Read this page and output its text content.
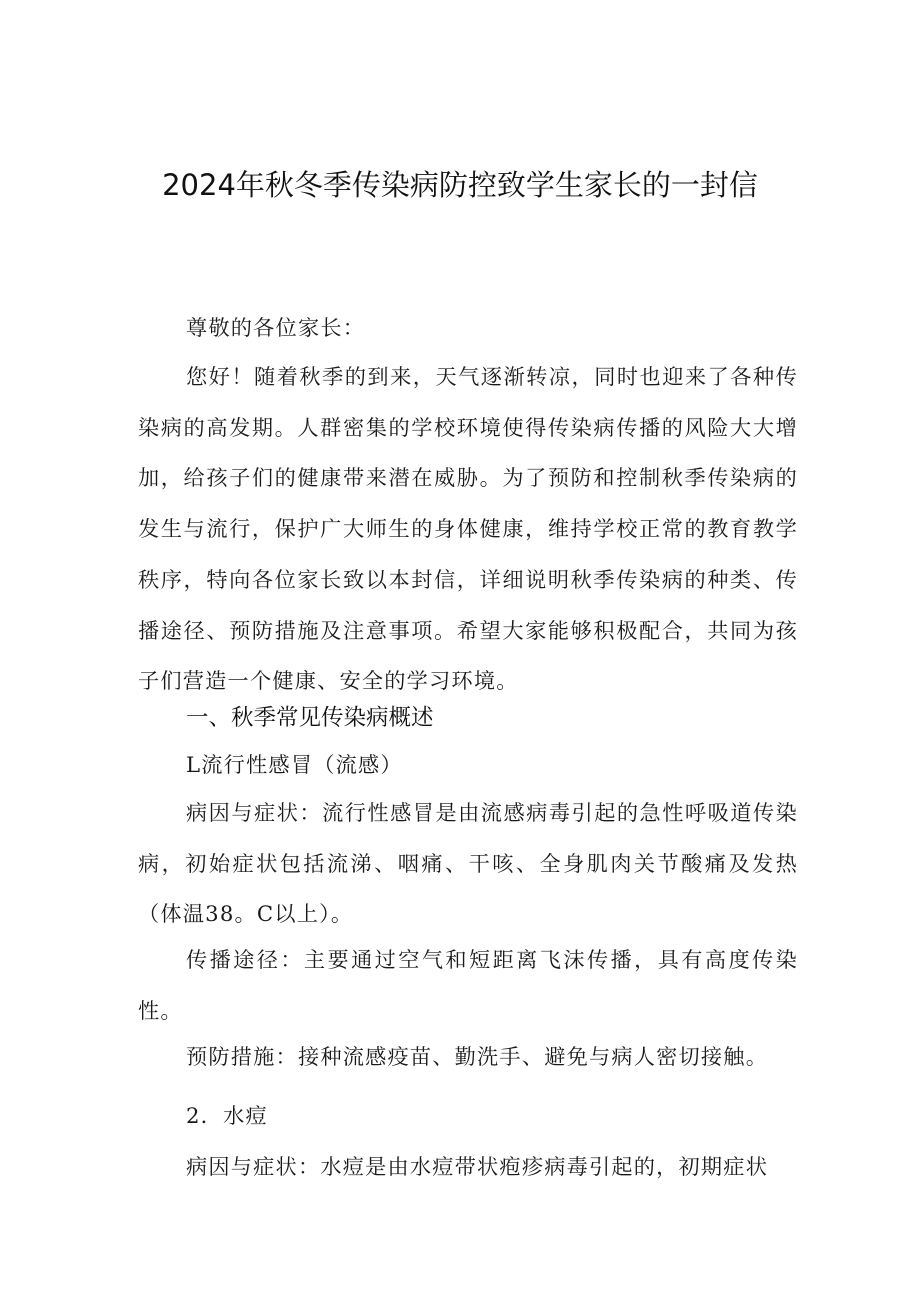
2024年秋冬季传染病防控致学生家长的一封信

尊敬的各位家长：

您好！随着秋季的到来，天气逐渐转凉，同时也迎来了各种传染病的高发期。人群密集的学校环境使得传染病传播的风险大大增加，给孩子们的健康带来潜在威胁。为了预防和控制秋季传染病的发生与流行，保护广大师生的身体健康，维持学校正常的教育教学秩序，特向各位家长致以本封信，详细说明秋季传染病的种类、传播途径、预防措施及注意事项。希望大家能够积极配合，共同为孩子们营造一个健康、安全的学习环境。

一、秋季常见传染病概述

L流行性感冒（流感）

病因与症状：流行性感冒是由流感病毒引起的急性呼吸道传染病，初始症状包括流涕、咽痛、干咳、全身肌肉关节酸痛及发热（体温38。C以上）。

传播途径：主要通过空气和短距离飞沫传播，具有高度传染性。

预防措施：接种流感疫苗、勤洗手、避免与病人密切接触。

2．水痘

病因与症状：水痘是由水痘带状疱疹病毒引起的，初期症状
